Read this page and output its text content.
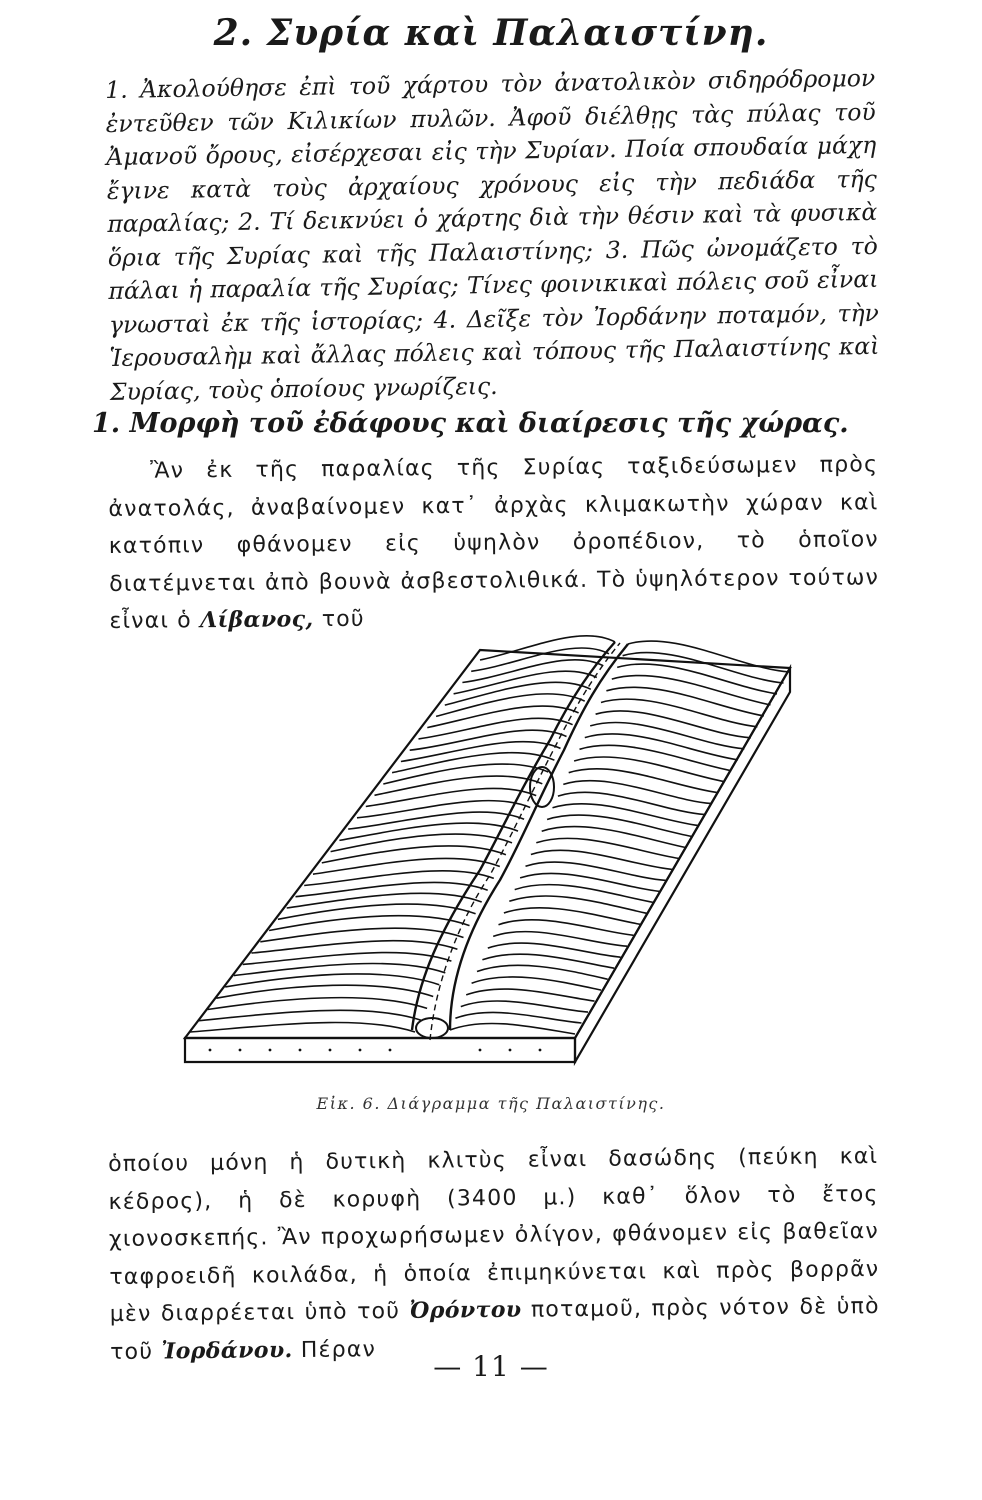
2. Συρία καὶ Παλαιστίνη.

1. Ἀκολούθησε ἐπὶ τοῦ χάρτου τὸν ἀνατολικὸν σιδηρόδρομον ἐντεῦθεν τῶν Κιλικίων πυλῶν. Ἀφοῦ διέλθῃς τὰς πύλας τοῦ Ἀμανοῦ ὄρους, εἰσέρχεσαι εἰς τὴν Συρίαν. Ποία σπουδαία μάχη ἔγινε κατὰ τοὺς ἀρχαίους χρόνους εἰς τὴν πεδιάδα τῆς παραλίας; 2. Τί δεικνύει ὁ χάρτης διὰ τὴν θέσιν καὶ τὰ φυσικὰ ὅρια τῆς Συρίας καὶ τῆς Παλαιστίνης; 3. Πῶς ὠνομάζετο τὸ πάλαι ἡ παραλία τῆς Συρίας; Τίνες φοινικικαὶ πόλεις σοῦ εἶναι γνωσταὶ ἐκ τῆς ἱστορίας; 4. Δεῖξε τὸν Ἰορδάνην ποταμόν, τὴν Ἱερουσαλὴμ καὶ ἄλλας πόλεις καὶ τόπους τῆς Παλαιστίνης καὶ Συρίας, τοὺς ὁποίους γνωρίζεις.

1. Μορφὴ τοῦ ἐδάφους καὶ διαίρεσις τῆς χώρας.

Ἂν ἐκ τῆς παραλίας τῆς Συρίας ταξιδεύσωμεν πρὸς ἀνατολάς, ἀναβαίνομεν κατ᾽ ἀρχὰς κλιμακωτὴν χώραν καὶ κατόπιν φθάνομεν εἰς ὑψηλὸν ὀροπέδιον, τὸ ὁποῖον διατέμνεται ἀπὸ βουνὰ ἀσβεστολιθικά. Τὸ ὑψηλότερον τούτων εἶναι ὁ Λίβανος, τοῦ

Εἰκ. 6. Διάγραμμα τῆς Παλαιστίνης.

ὁποίου μόνη ἡ δυτικὴ κλιτὺς εἶναι δασώδης (πεύκη καὶ κέδρος), ἡ δὲ κορυφὴ (3400 μ.) καθ᾽ ὅλον τὸ ἔτος χιονοσκεπής. Ἂν προχωρήσωμεν ὀλίγον, φθάνομεν εἰς βαθεῖαν ταφροειδῆ κοιλάδα, ἡ ὁποία ἐπιμηκύνεται καὶ πρὸς βορρᾶν μὲν διαρρέεται ὑπὸ τοῦ Ὀρόντου ποταμοῦ, πρὸς νότον δὲ ὑπὸ τοῦ Ἰορδάνου. Πέραν

— 11 —
